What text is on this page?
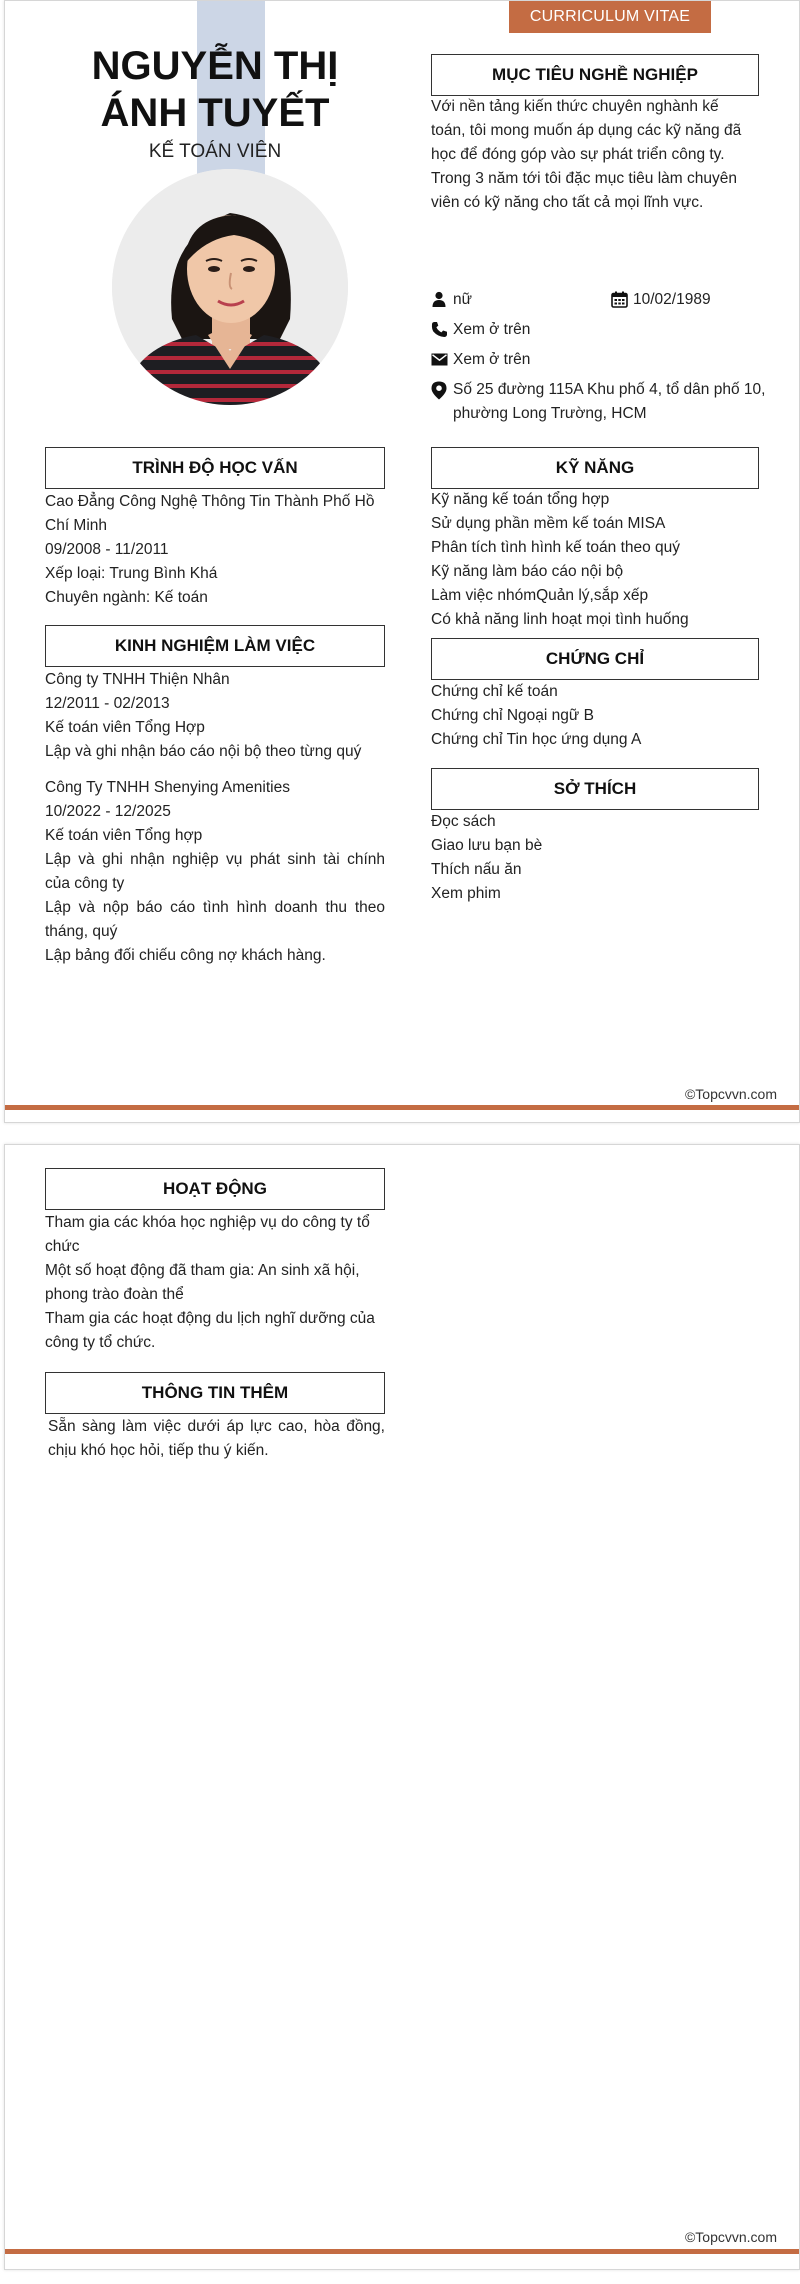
CURRICULUM VITAE
NGUYỄN THỊ ÁNH TUYẾT
KẾ TOÁN VIÊN
MỤC TIÊU NGHỀ NGHIỆP
Với nền tảng kiến thức chuyên nghành kế toán, tôi mong muốn áp dụng các kỹ năng đã học để đóng góp vào sự phát triển công ty. Trong 3 năm tới tôi đặc mục tiêu làm chuyên viên có kỹ năng cho tất cả mọi lĩnh vực.
nữ	10/02/1989
Xem ở trên
Xem ở trên
Số 25 đường 115A Khu phố 4, tổ dân phố 10, phường Long Trường, HCM
TRÌNH ĐỘ HỌC VẤN
Cao Đẳng Công Nghệ Thông Tin Thành Phố Hồ Chí Minh
09/2008 - 11/2011
Xếp loại: Trung Bình Khá
Chuyên ngành: Kế toán
KINH NGHIỆM LÀM VIỆC
Công ty TNHH Thiện Nhân
12/2011 - 02/2013
Kế toán viên Tổng Hợp
Lập và ghi nhận báo cáo nội bộ theo từng quý
Công Ty TNHH Shenying Amenities
10/2022 - 12/2025
Kế toán viên Tổng hợp
Lập và ghi nhận nghiệp vụ phát sinh tài chính của công ty
Lập và nộp báo cáo tình hình doanh thu theo tháng, quý
Lập bảng đối chiếu công nợ khách hàng.
KỸ NĂNG
Kỹ năng kế toán tổng hợp
Sử dụng phần mềm kế toán MISA
Phân tích tình hình kế toán theo quý
Kỹ năng làm báo cáo nội bộ
Làm việc nhómQuản lý,sắp xếp
Có khả năng linh hoạt mọi tình huống
CHỨNG CHỈ
Chứng chỉ kế toán
Chứng chỉ Ngoại ngữ B
Chứng chỉ Tin học ứng dụng A
SỞ THÍCH
Đọc sách
Giao lưu bạn bè
Thích nấu ăn
Xem phim
©Topcvvn.com
HOẠT ĐỘNG
Tham gia các khóa học nghiệp vụ do công ty tổ chức
Một số hoạt động đã tham gia: An sinh xã hội, phong trào đoàn thể
Tham gia các hoạt động du lịch nghĩ dưỡng của công ty tổ chức.
THÔNG TIN THÊM
Sẵn sàng làm việc dưới áp lực cao, hòa đồng, chịu khó học hỏi, tiếp thu ý kiến.
©Topcvvn.com
